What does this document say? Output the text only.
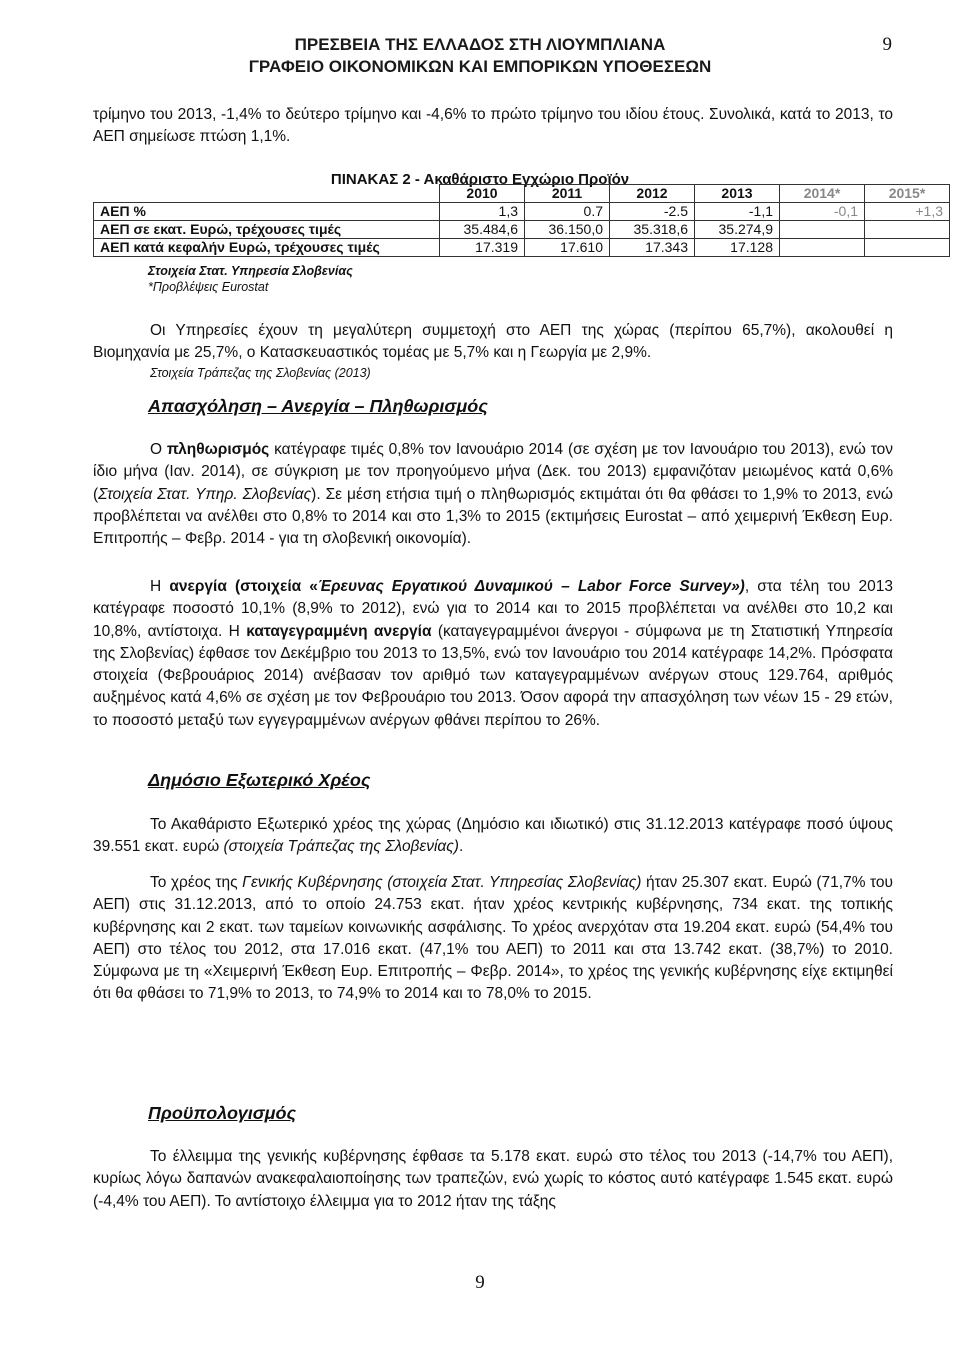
ΠΡΕΣΒΕΙΑ ΤΗΣ ΕΛΛΑΔΟΣ ΣΤΗ ΛΙΟΥΜΠΛΙΑΝΑ
ΓΡΑΦΕΙΟ ΟΙΚΟΝΟΜΙΚΩΝ ΚΑΙ ΕΜΠΟΡΙΚΩΝ ΥΠΟΘΕΣΕΩΝ
9

τρίμηνο του 2013, -1,4% το δεύτερο τρίμηνο και -4,6% το πρώτο τρίμηνο του ιδίου έτους. Συνολικά, κατά το 2013, το ΑΕΠ σημείωσε πτώση 1,1%.

ΠΙΝΑΚΑΣ 2 - Ακαθάριστο Εγχώριο Προϊόν
	2010	2011	2012	2013	2014*	2015*
ΑΕΠ %	1,3	0.7	-2.5	-1,1	-0,1	+1,3
ΑΕΠ σε εκατ. Ευρώ, τρέχουσες τιμές	35.484,6	36.150,0	35.318,6	35.274,9		
ΑΕΠ κατά κεφαλήν Ευρώ, τρέχουσες τιμές	17.319	17.610	17.343	17.128		
Στοιχεία Στατ. Υπηρεσία Σλοβενίας
*Προβλέψεις Eurostat

Οι Υπηρεσίες έχουν τη μεγαλύτερη συμμετοχή στο ΑΕΠ της χώρας (περίπου 65,7%), ακολουθεί η Βιομηχανία με 25,7%, ο Κατασκευαστικός τομέας με 5,7% και η Γεωργία με 2,9%.

Στοιχεία Τράπεζας της Σλοβενίας (2013)
Απασχόληση – Ανεργία – Πληθωρισμός

Ο πληθωρισμός κατέγραφε τιμές 0,8% τον Ιανουάριο 2014 (σε σχέση με τον Ιανουάριο του 2013), ενώ τον ίδιο μήνα (Ιαν. 2014), σε σύγκριση με τον προηγούμενο μήνα (Δεκ. του 2013) εμφανιζόταν μειωμένος κατά 0,6% (Στοιχεία Στατ. Υπηρ. Σλοβενίας). Σε μέση ετήσια τιμή ο πληθωρισμός εκτιμάται ότι θα φθάσει το 1,9% το 2013, ενώ προβλέπεται να ανέλθει στο 0,8% το 2014 και στο 1,3% το 2015 (εκτιμήσεις Eurostat – από χειμερινή Έκθεση Ευρ. Επιτροπής – Φεβρ. 2014 - για τη σλοβενική οικονομία).

Η ανεργία (στοιχεία «Έρευνας Εργατικού Δυναμικού – Labor Force Survey»), στα τέλη του 2013 κατέγραφε ποσοστό 10,1% (8,9% το 2012), ενώ για το 2014 και το 2015 προβλέπεται να ανέλθει στο 10,2 και 10,8%, αντίστοιχα. Η καταγεγραμμένη ανεργία (καταγεγραμμένοι άνεργοι - σύμφωνα με τη Στατιστική Υπηρεσία της Σλοβενίας) έφθασε τον Δεκέμβριο του 2013 το 13,5%, ενώ τον Ιανουάριο του 2014 κατέγραφε 14,2%. Πρόσφατα στοιχεία (Φεβρουάριος 2014) ανέβασαν τον αριθμό των καταγεγραμμένων ανέργων στους 129.764, αριθμός αυξημένος κατά 4,6% σε σχέση με τον Φεβρουάριο του 2013. Όσον αφορά την απασχόληση των νέων 15 - 29 ετών, το ποσοστό μεταξύ των εγγεγραμμένων ανέργων φθάνει περίπου το 26%.

Δημόσιο Εξωτερικό Χρέος

Το Ακαθάριστο Εξωτερικό χρέος της χώρας (Δημόσιο και ιδιωτικό) στις 31.12.2013 κατέγραφε ποσό ύψους 39.551 εκατ. ευρώ (στοιχεία Τράπεζας της Σλοβενίας).

Το χρέος της Γενικής Κυβέρνησης (στοιχεία Στατ. Υπηρεσίας Σλοβενίας) ήταν 25.307 εκατ. Ευρώ (71,7% του ΑΕΠ) στις 31.12.2013, από το οποίο 24.753 εκατ. ήταν χρέος κεντρικής κυβέρνησης, 734 εκατ. της τοπικής κυβέρνησης και 2 εκατ. των ταμείων κοινωνικής ασφάλισης. Το χρέος ανερχόταν στα 19.204 εκατ. ευρώ (54,4% του ΑΕΠ) στο τέλος του 2012, στα 17.016 εκατ. (47,1% του ΑΕΠ) το 2011 και στα 13.742 εκατ. (38,7%) το 2010. Σύμφωνα με τη «Χειμερινή Έκθεση Ευρ. Επιτροπής – Φεβρ. 2014», το χρέος της γενικής κυβέρνησης είχε εκτιμηθεί ότι θα φθάσει το 71,9% το 2013, το 74,9% το 2014 και το 78,0% το 2015.

Προϋπολογισμός

Το έλλειμμα της γενικής κυβέρνησης έφθασε τα 5.178 εκατ. ευρώ στο τέλος του 2013 (-14,7% του ΑΕΠ), κυρίως λόγω δαπανών ανακεφαλαιοποίησης των τραπεζών, ενώ χωρίς το κόστος αυτό κατέγραφε 1.545 εκατ. ευρώ (-4,4% του ΑΕΠ). Το αντίστοιχο έλλειμμα για το 2012 ήταν της τάξης

9
